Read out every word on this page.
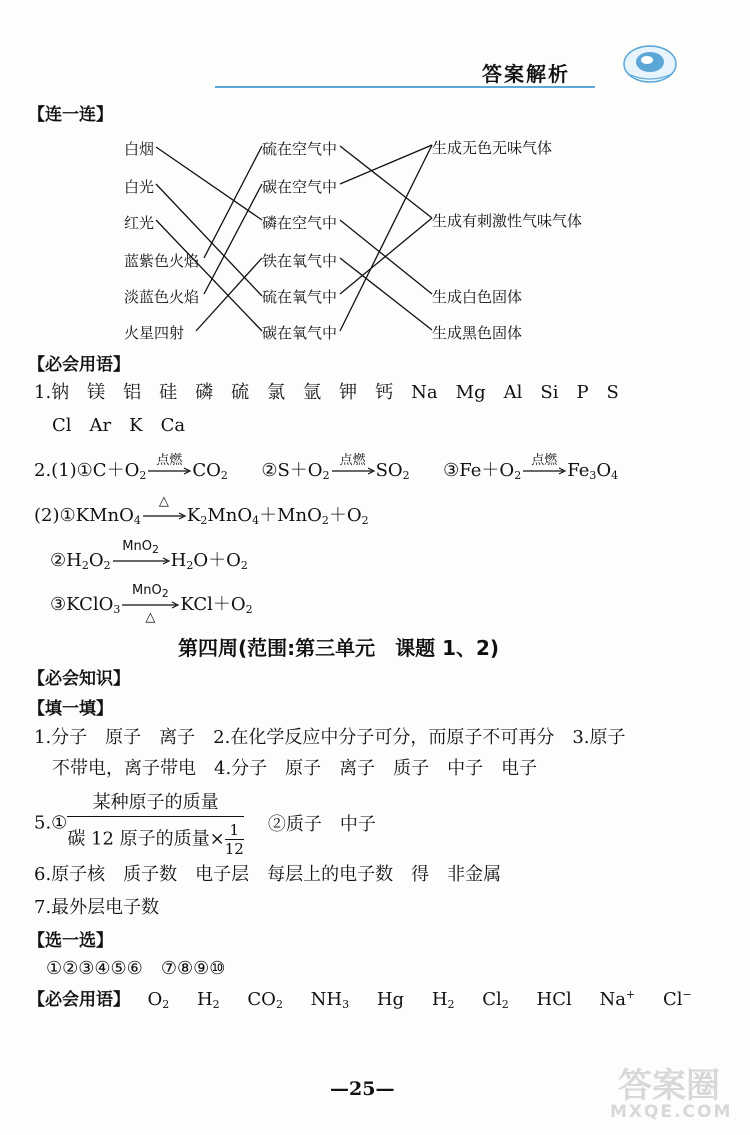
答案解析
【连一连】
白烟
白光
红光
蓝紫色火焰
淡蓝色火焰
火星四射
硫在空气中
碳在空气中
磷在空气中
铁在氧气中
硫在氧气中
碳在氧气中
生成无色无味气体
生成有刺激性气味气体
生成白色固体
生成黑色固体
【必会用语】
1.钠　镁　铝　硅　磷　硫　氯　氩　钾　钙　Na　Mg　Al　Si　P　S
Cl　Ar　K　Ca
$2.(1)①C+O_2$
点燃 $CO_2$ $②S+O_2$
点燃 $SO_2$ $③Fe+O_2$
点燃 $Fe_3O_4$
(2)①KMnO$_4$
△
$K_2MnO_4+MnO_2+O_2$
$②H_2O_2$
MnO$_2$
$H_2O+O_2$
③KClO$_3$
MnO$_2$
△
$KCl+O_2$
第四周(范围:第三单元　课题 1、2)
【必会知识】
【填一填】
1.分子　原子　离子　2.在化学反应中分子可分，而原子不可再分　3.原子
不带电，离子带电　4.分子　原子　离子　质子　中子　电子
5.① $\frac{\text{某种原子的质量}}{碳 12 原子的质量\times \frac{1}{12}}$ ②质子　中子
6.原子核　质子数　电子层　每层上的电子数　得　非金属
7.最外层电子数
【选一选】
①②③④⑤⑥　⑦⑧⑨⑩
【必会用语】 $O_2$ $H_2$ $CO_2$ $NH_3$ Hg $H_2$ $Cl_2$ HCl Na+ Cl−
—25—	答案圈
MXQE.COM
